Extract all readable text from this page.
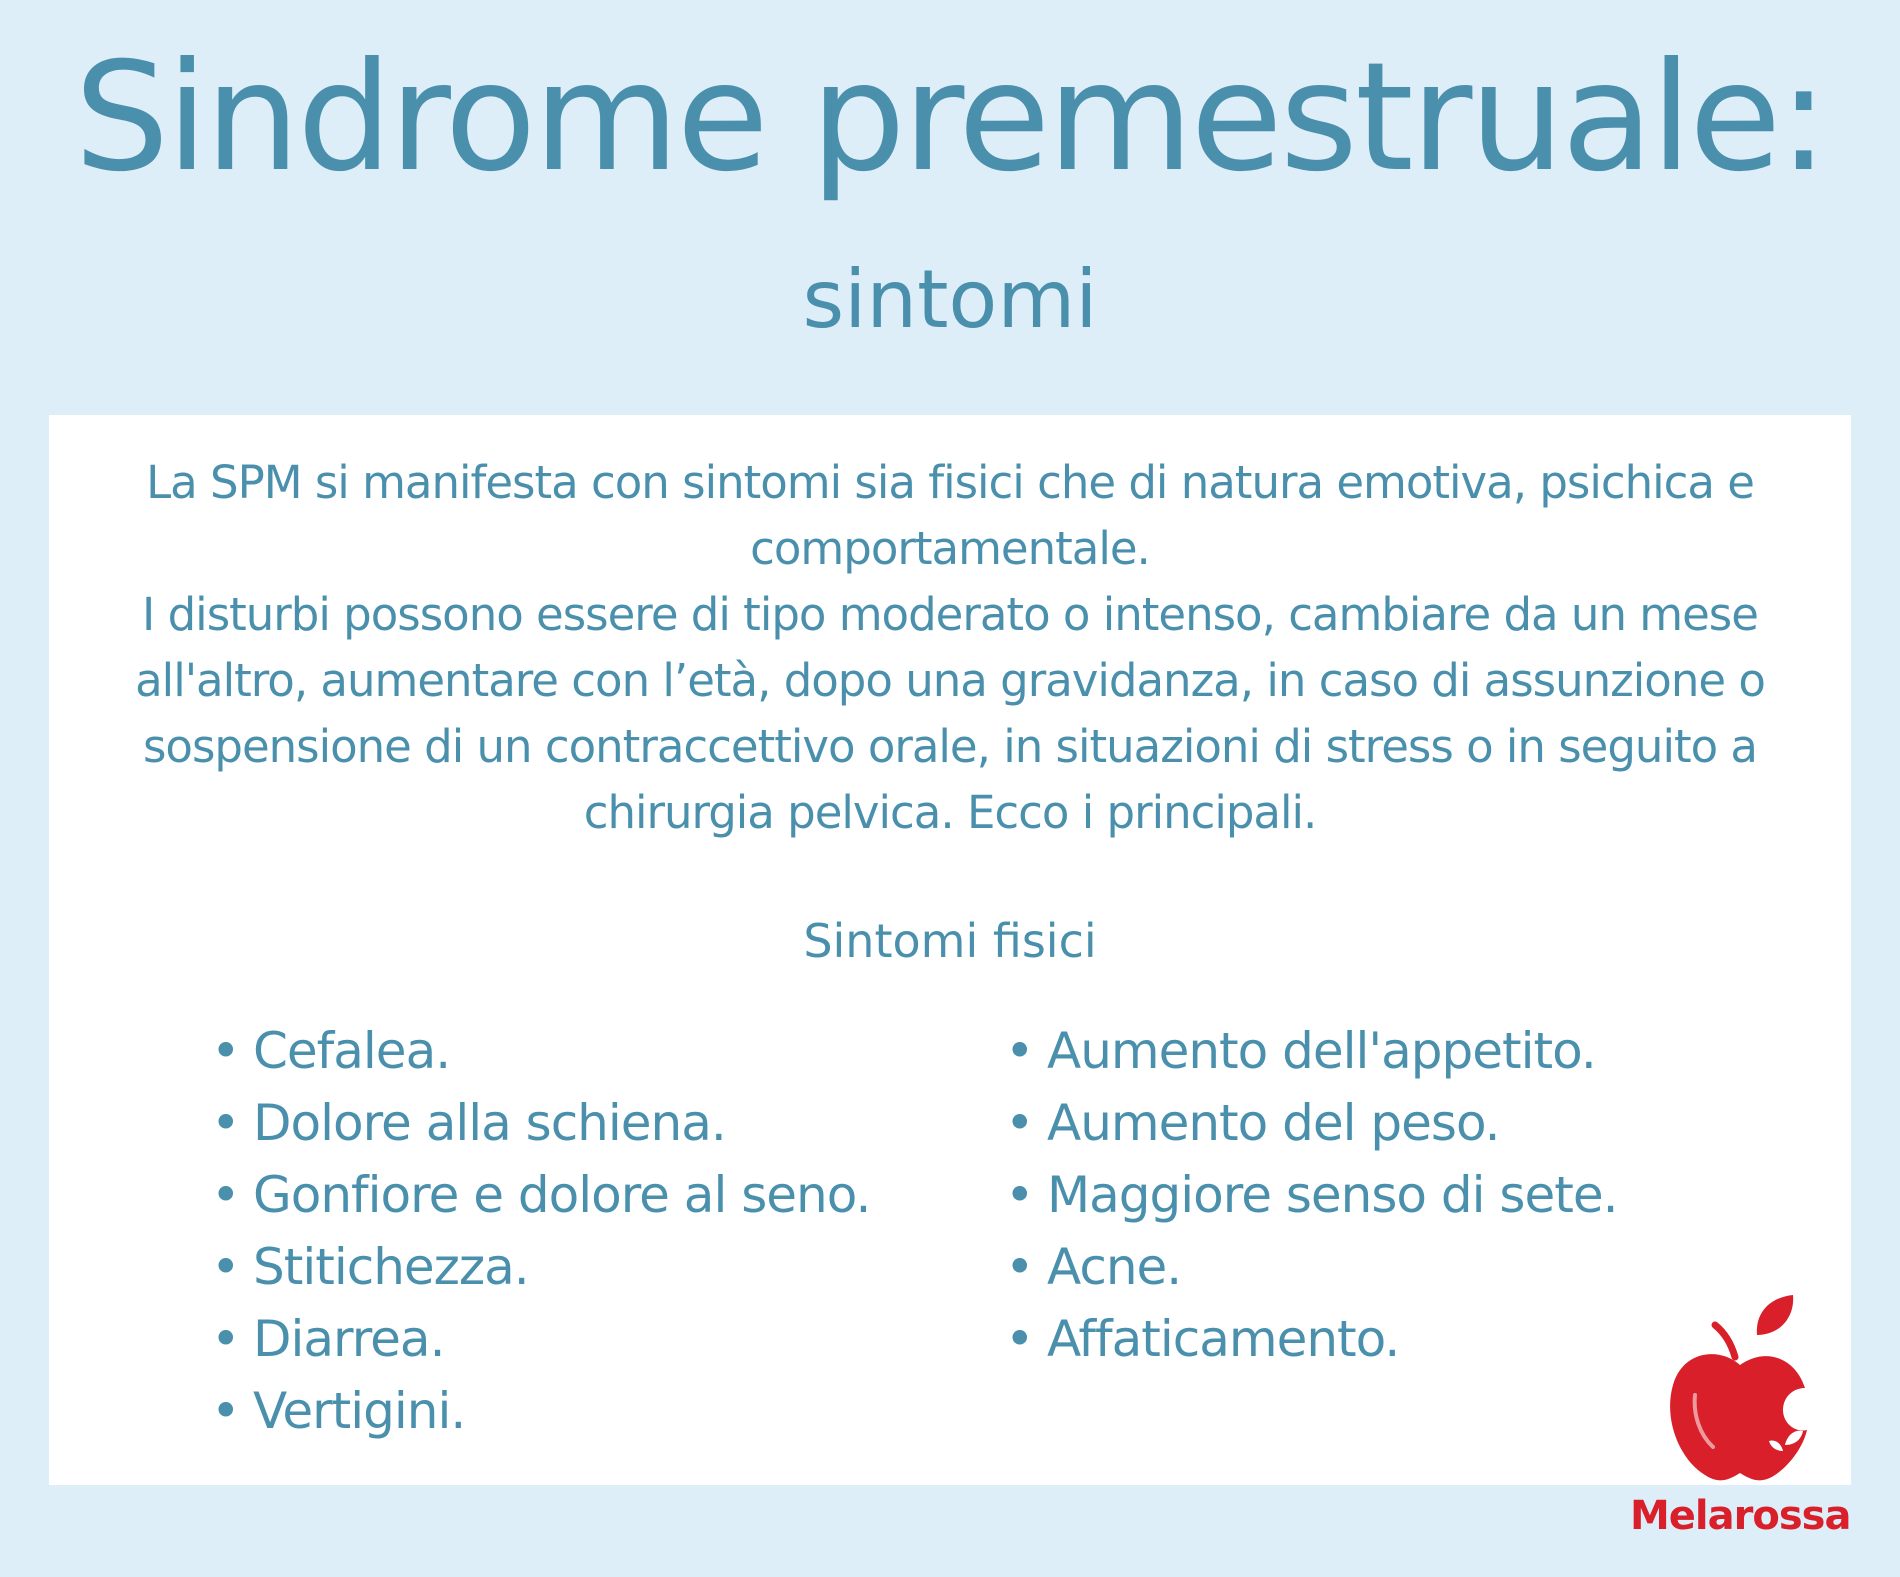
Sindrome premestruale:
sintomi

La SPM si manifesta con sintomi sia fisici che di natura emotiva, psichica e comportamentale.

I disturbi possono essere di tipo moderato o intenso, cambiare da un mese all'altro, aumentare con l’età, dopo una gravidanza, in caso di assunzione o sospensione di un contraccettivo orale, in situazioni di stress o in seguito a chirurgia pelvica. Ecco i principali.

Sintomi fisici
• Cefalea.
• Dolore alla schiena.
• Gonfiore e dolore al seno.
• Stitichezza.
• Diarrea.
• Vertigini.
• Aumento dell'appetito.
• Aumento del peso.
• Maggiore senso di sete.
• Acne.
• Affaticamento.
Melarossa
